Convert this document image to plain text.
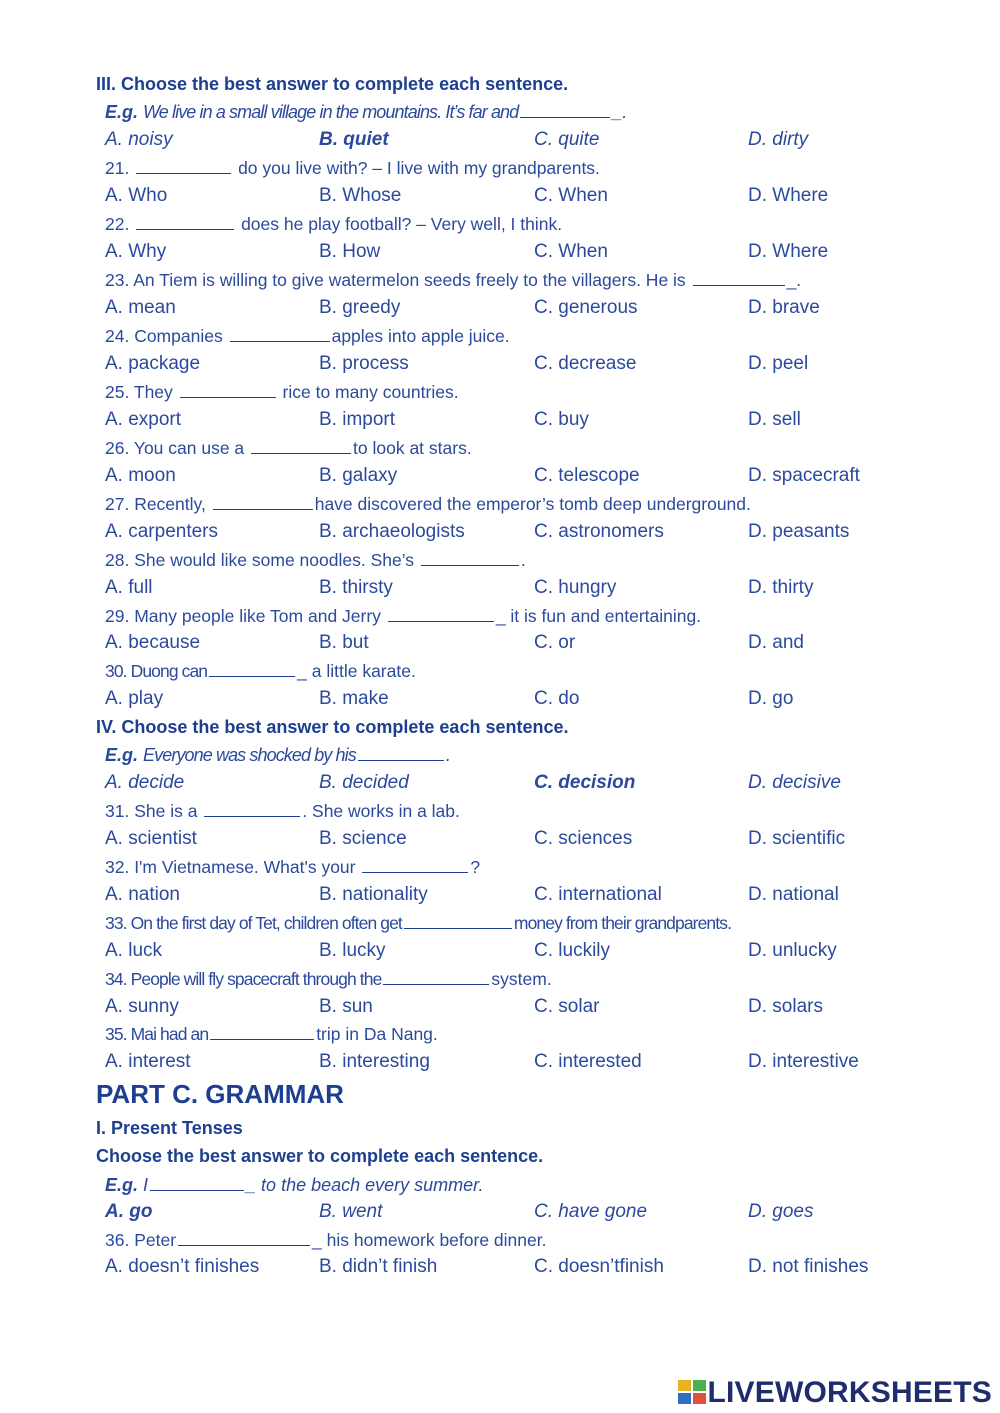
III. Choose the best answer to complete each sentence.
E.g. We live in a small village in the mountains. It’s far and	_.
A. noisy	B. quiet	C. quite	D. dirty
21.	do you live with? – I live with my grandparents.
A. Who	B. Whose	C. When	D. Where
22.	does he play football? – Very well, I think.
A. Why	B. How	C. When	D. Where
23. An Tiem is willing to give watermelon seeds freely to the villagers. He is	_.
A. mean	B. greedy	C. generous	D. brave
24. Companies	apples into apple juice.
A. package	B. process	C. decrease	D. peel
25. They	rice to many countries.
A. export	B. import	C. buy	D. sell
26. You can use a	to look at stars.
A. moon	B. galaxy	C. telescope	D. spacecraft
27. Recently,	have discovered the emperor’s tomb deep underground.
A. carpenters	B. archaeologists	C. astronomers	D. peasants
28. She would like some noodles. She’s	.
A. full	B. thirsty	C. hungry	D. thirty
29. Many people like Tom and Jerry	_ it is fun and entertaining.
A. because	B. but	C. or	D. and
30. Duong can	_ a little karate.
A. play	B. make	C. do	D. go
IV. Choose the best answer to complete each sentence.
E.g. Everyone was shocked by his	.
A. decide	B. decided	C. decision	D. decisive
31. She is a	. She works in a lab.
A. scientist	B. science	C. sciences	D. scientific
32. I'm Vietnamese. What's your	?
A. nation	B. nationality	C. international	D. national
33. On the first day of Tet, children often get	money from their grandparents.
A. luck	B. lucky	C. luckily	D. unlucky
34. People will fly spacecraft through the	system.
A. sunny	B. sun	C. solar	D. solars
35. Mai had an	trip in Da Nang.
A. interest	B. interesting	C. interested	D. interestive
PART C. GRAMMAR
I. Present Tenses
Choose the best answer to complete each sentence.
E.g. I	_ to the beach every summer.
A. go	B. went	C. have gone	D. goes
36. Peter	_ his homework before dinner.
A. doesn’t finishes	B. didn’t finish	C. doesn’tfinish	D. not finishes
LIVEWORKSHEETS
